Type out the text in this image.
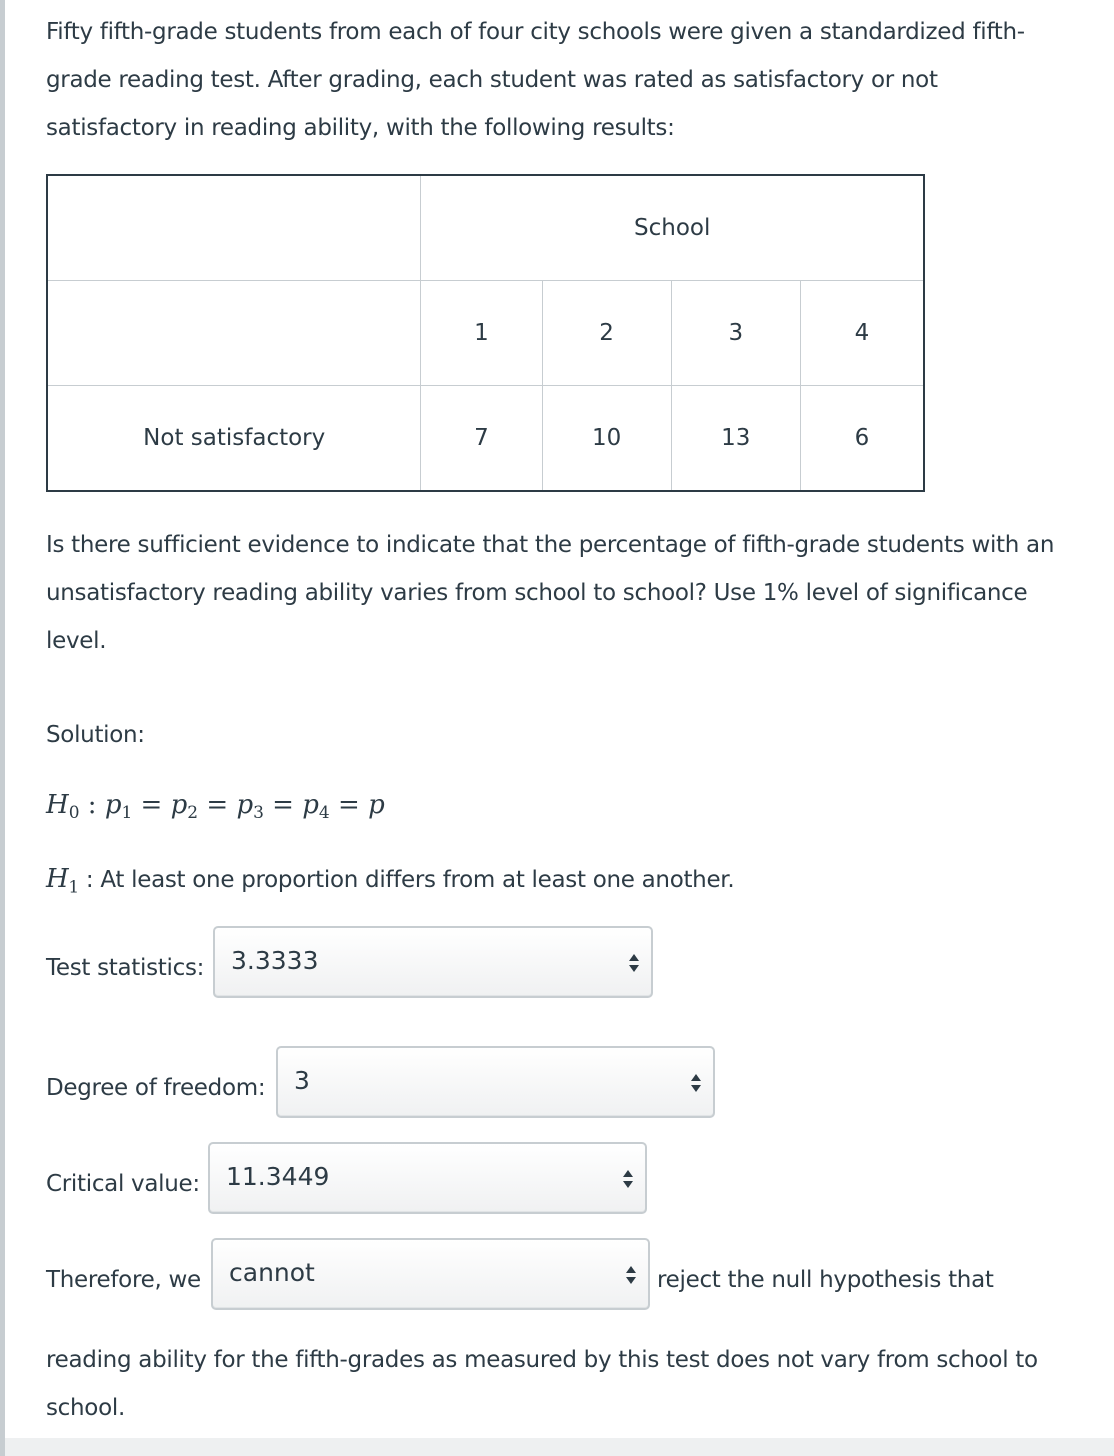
Fifty fifth-grade students from each of four city schools were given a standardized fifth-grade reading test. After grading, each student was rated as satisfactory or not satisfactory in reading ability, with the following results:

	School			
	1	2	3	4
Not satisfactory	7	10	13	6

Is there sufficient evidence to indicate that the percentage of fifth-grade students with an unsatisfactory reading ability varies from school to school? Use 1% level of significance level.

Solution:
$H_0$ : $p_1 = p_2 = p_3 = p_4 = p$
$H_1$ : At least one proportion differs from at least one another.
Test statistics: 3.3333
Degree of freedom: 3
Critical value: 11.3449
Therefore, we cannot	reject the null hypothesis that

reading ability for the fifth-grades as measured by this test does not vary from school to school.
